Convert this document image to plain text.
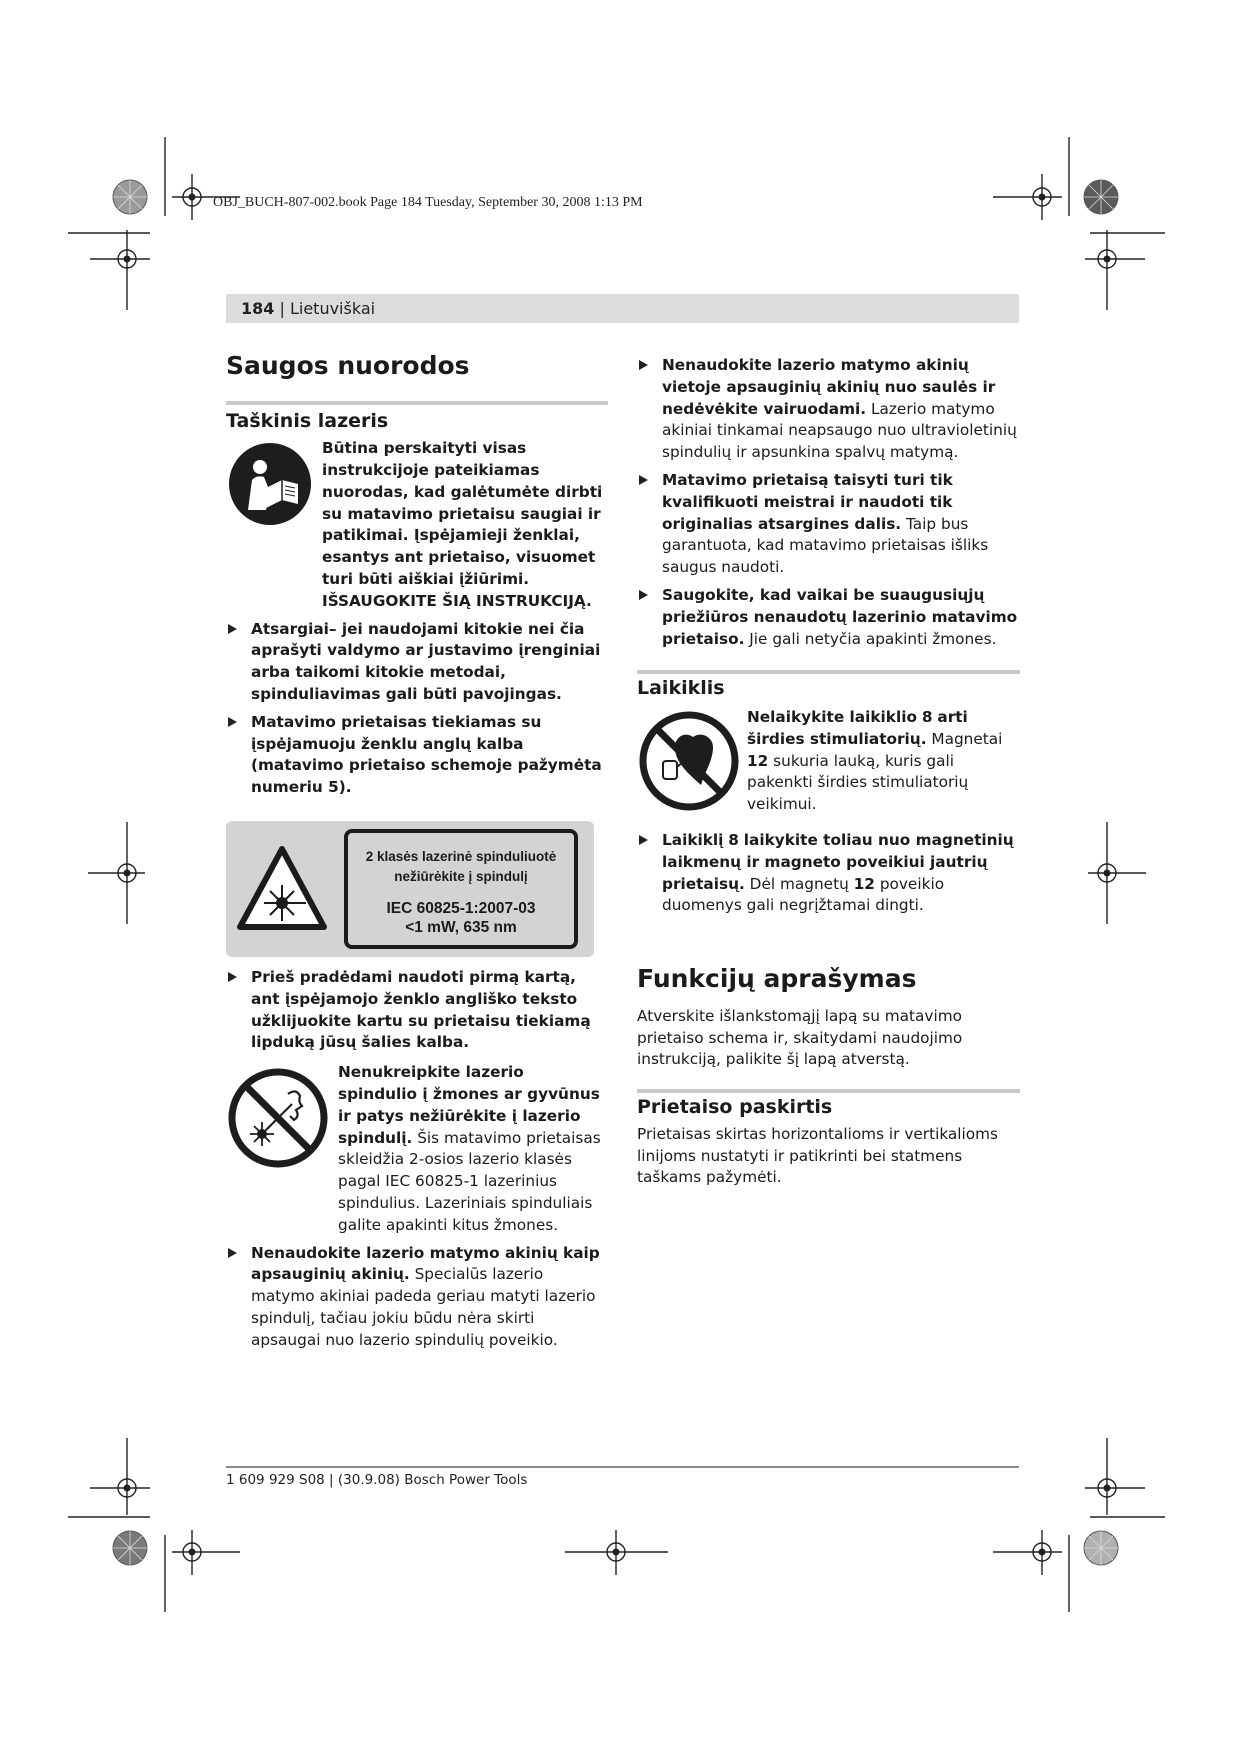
OBJ_BUCH-807-002.book Page 184 Tuesday, September 30, 2008 1:13 PM
184 | Lietuviškai
Saugos nuorodos
Taškinis lazeris

Būtina perskaityti visas instrukcijoje pateikiamas nuorodas, kad galėtumėte dirbti su matavimo prietaisu saugiai ir patikimai. Įspėjamieji ženklai, esantys ant prietaiso, visuomet turi būti aiškiai įžiūrimi. IŠSAUGOKITE ŠIĄ INSTRUKCIJĄ.

Atsargiai– jei naudojami kitokie nei čia aprašyti valdymo ar justavimo įrenginiai arba taikomi kitokie metodai, spinduliavimas gali būti pavojingas.
Matavimo prietaisas tiekiamas su įspėjamuoju ženklu anglų kalba (matavimo prietaiso schemoje pažymėta numeriu 5).
2 klasės lazerinė spinduliuotė
nežiūrėkite į spindulį
IEC 60825-1:2007-03
<1 mW, 635 nm
Prieš pradėdami naudoti pirmą kartą, ant įspėjamojo ženklo angliško teksto užklijuokite kartu su prietaisu tiekiamą lipduką jūsų šalies kalba.

Nenukreipkite lazerio spindulio į žmones ar gyvūnus ir patys nežiūrėkite į lazerio spindulį. Šis matavimo prietaisas skleidžia 2-osios lazerio klasės pagal IEC 60825-1 lazerinius spindulius. Lazeriniais spinduliais galite apakinti kitus žmones.

Nenaudokite lazerio matymo akinių kaip apsauginių akinių. Specialūs lazerio matymo akiniai padeda geriau matyti lazerio spindulį, tačiau jokiu būdu nėra skirti apsaugai nuo lazerio spindulių poveikio.
Nenaudokite lazerio matymo akinių vietoje apsauginių akinių nuo saulės ir nedėvėkite vairuodami. Lazerio matymo akiniai tinkamai neapsaugo nuo ultravioletinių spindulių ir apsunkina spalvų matymą.
Matavimo prietaisą taisyti turi tik kvalifikuoti meistrai ir naudoti tik originalias atsargines dalis. Taip bus garantuota, kad matavimo prietaisas išliks saugus naudoti.
Saugokite, kad vaikai be suaugusiųjų priežiūros nenaudotų lazerinio matavimo prietaiso. Jie gali netyčia apakinti žmones.
Laikiklis

Nelaikykite laikiklio 8 arti širdies stimuliatorių. Magnetai 12 sukuria lauką, kuris gali pakenkti širdies stimuliatorių veikimui.

Laikiklį 8 laikykite toliau nuo magnetinių laikmenų ir magneto poveikiui jautrių prietaisų. Dėl magnetų 12 poveikio duomenys gali negrįžtamai dingti.
Funkcijų aprašymas

Atverskite išlankstomąjį lapą su matavimo prietaiso schema ir, skaitydami naudojimo instrukciją, palikite šį lapą atverstą.

Prietaiso paskirtis

Prietaisas skirtas horizontalioms ir vertikalioms linijoms nustatyti ir patikrinti bei statmens taškams pažymėti.

1 609 929 S08 | (30.9.08) Bosch Power Tools
